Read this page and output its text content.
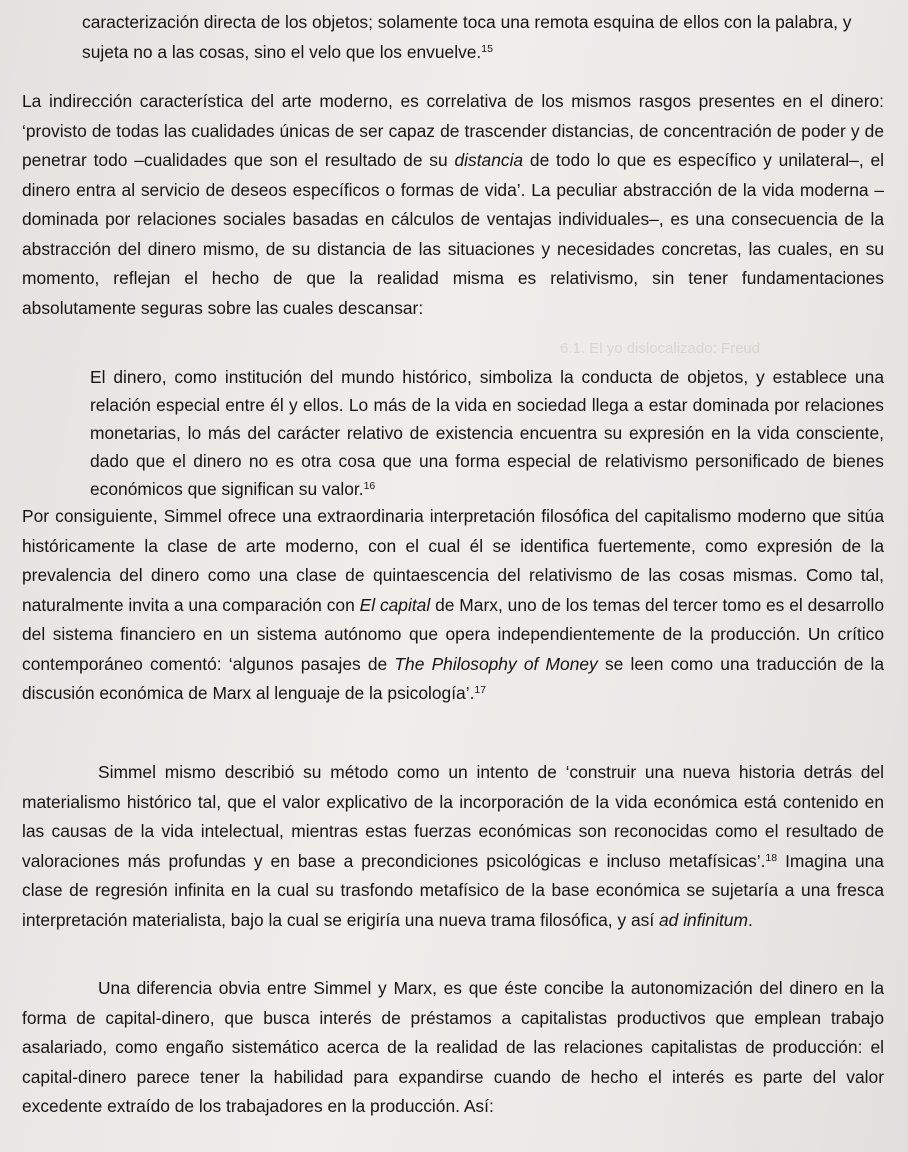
6.1. El yo dislocalizado: Freud

caracterización directa de los objetos; solamente toca una remota esquina de ellos con la palabra, y sujeta no a las cosas, sino el velo que los envuelve.$^{15}$

La indirección característica del arte moderno, es correlativa de los mismos rasgos presentes en el dinero: ‘provisto de todas las cualidades únicas de ser capaz de trascender distancias, de concentración de poder y de penetrar todo –cualidades que son el resultado de su distancia de todo lo que es específico y unilateral–, el dinero entra al servicio de deseos específicos o formas de vida’. La peculiar abstracción de la vida moderna –dominada por relaciones sociales basadas en cálculos de ventajas individuales–, es una consecuencia de la abstracción del dinero mismo, de su distancia de las situaciones y necesidades concretas, las cuales, en su momento, reflejan el hecho de que la realidad misma es relativismo, sin tener fundamentaciones absolutamente seguras sobre las cuales descansar:

El dinero, como institución del mundo histórico, simboliza la conducta de objetos, y establece una relación especial entre él y ellos. Lo más de la vida en sociedad llega a estar dominada por relaciones monetarias, lo más del carácter relativo de existencia encuentra su expresión en la vida consciente, dado que el dinero no es otra cosa que una forma especial de relativismo personificado de bienes económicos que significan su valor.$^{16}$

Por consiguiente, Simmel ofrece una extraordinaria interpretación filosófica del capitalismo moderno que sitúa históricamente la clase de arte moderno, con el cual él se identifica fuertemente, como expresión de la prevalencia del dinero como una clase de quintaescencia del relativismo de las cosas mismas. Como tal, naturalmente invita a una comparación con El capital de Marx, uno de los temas del tercer tomo es el desarrollo del sistema financiero en un sistema autónomo que opera independientemente de la producción. Un crítico contemporáneo comentó: ‘algunos pasajes de The Philosophy of Money se leen como una traducción de la discusión económica de Marx al lenguaje de la psicología’.$^{17}$

Simmel mismo describió su método como un intento de ‘construir una nueva historia detrás del materialismo histórico tal, que el valor explicativo de la incorporación de la vida económica está contenido en las causas de la vida intelectual, mientras estas fuerzas económicas son reconocidas como el resultado de valoraciones más profundas y en base a precondiciones psicológicas e incluso metafísicas’.$^{18}$ Imagina una clase de regresión infinita en la cual su trasfondo metafísico de la base económica se sujetaría a una fresca interpretación materialista, bajo la cual se erigiría una nueva trama filosófica, y así ad infinitum.

Una diferencia obvia entre Simmel y Marx, es que éste concibe la autonomización del dinero en la forma de capital-dinero, que busca interés de préstamos a capitalistas productivos que emplean trabajo asalariado, como engaño sistemático acerca de la realidad de las relaciones capitalistas de producción: el capital-dinero parece tener la habilidad para expandirse cuando de hecho el interés es parte del valor excedente extraído de los trabajadores en la producción. Así:
